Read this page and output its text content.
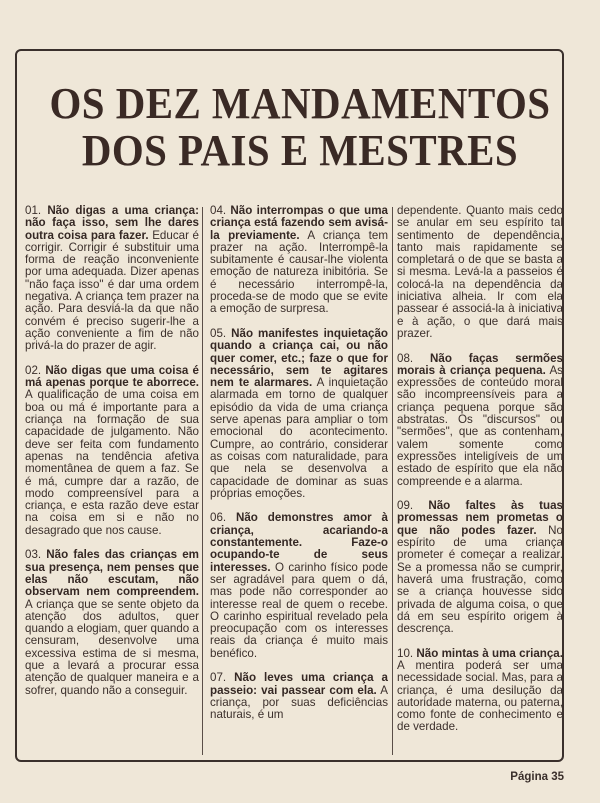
OS DEZ MANDAMENTOS
DOS PAIS E MESTRES

01. Não digas a uma criança: não faça isso, sem lhe dares outra coisa para fazer. Educar é corrigir. Corrigir é substituir uma forma de reação inconveniente por uma adequada. Dizer apenas "não faça isso" é dar uma ordem negativa. A criança tem prazer na ação. Para desviá-la da que não convém é preciso sugerir-lhe a ação conveniente a fim de não privá-la do prazer de agir.

02. Não digas que uma coisa é má apenas porque te aborrece. A qualificação de uma coisa em boa ou má é importante para a criança na formação de sua capacidade de julgamento. Não deve ser feita com fundamento apenas na tendência afetiva momentânea de quem a faz. Se é má, cumpre dar a razão, de modo compreensível para a criança, e esta razão deve estar na coisa em si e não no desagrado que nos cause.

03. Não fales das crianças em sua presença, nem penses que elas não escutam, não observam nem compreendem. A criança que se sente objeto da atenção dos adultos, quer quando a elogiam, quer quando a censuram, desenvolve uma excessiva estima de si mesma, que a levará a procurar essa atenção de qualquer maneira e a sofrer, quando não a conseguir.

04. Não interrompas o que uma criança está fazendo sem avisá-la previamente. A criança tem prazer na ação. Interrompê-la subitamente é causar-lhe violenta emoção de natureza inibitória. Se é necessário interrompê-la, proceda-se de modo que se evite a emoção de surpresa.

05. Não manifestes inquietação quando a criança cai, ou não quer comer, etc.; faze o que for necessário, sem te agitares nem te alarmares. A inquietação alarmada em torno de qualquer episódio da vida de uma criança serve apenas para ampliar o tom emocional do acontecimento. Cumpre, ao contrário, considerar as coisas com naturalidade, para que nela se desenvolva a capacidade de dominar as suas próprias emoções.

06. Não demonstres amor à criança, acariando-a constantemente. Faze-o ocupando-te de seus interesses. O carinho físico pode ser agradável para quem o dá, mas pode não corresponder ao interesse real de quem o recebe. O carinho espiritual revelado pela preocupação com os interesses reais da criança é muito mais benéfico.

07. Não leves uma criança a passeio: vai passear com ela. A criança, por suas deficiências naturais, é um

dependente. Quanto mais cedo se anular em seu espírito tal sentimento de dependência, tanto mais rapidamente se completará o de que se basta a si mesma. Levá-la a passeios é colocá-la na dependência da iniciativa alheia. Ir com ela passear é associá-la à iniciativa e à ação, o que dará mais prazer.

08. Não faças sermões morais à criança pequena. As expressões de conteúdo moral são incompreensíveis para a criança pequena porque são abstratas. Os "discursos" ou "sermões", que as contenham, valem somente como expressões inteligíveis de um estado de espírito que ela não compreende e a alarma.

09. Não faltes às tuas promessas nem prometas o que não podes fazer. No espírito de uma criança prometer é começar a realizar. Se a promessa não se cumprir, haverá uma frustração, como se a criança houvesse sido privada de alguma coisa, o que dá em seu espírito origem à descrença.

10. Não mintas à uma criança. A mentira poderá ser uma necessidade social. Mas, para a criança, é uma desilução da autoridade materna, ou paterna, como fonte de conhecimento e de verdade.

Página 35
